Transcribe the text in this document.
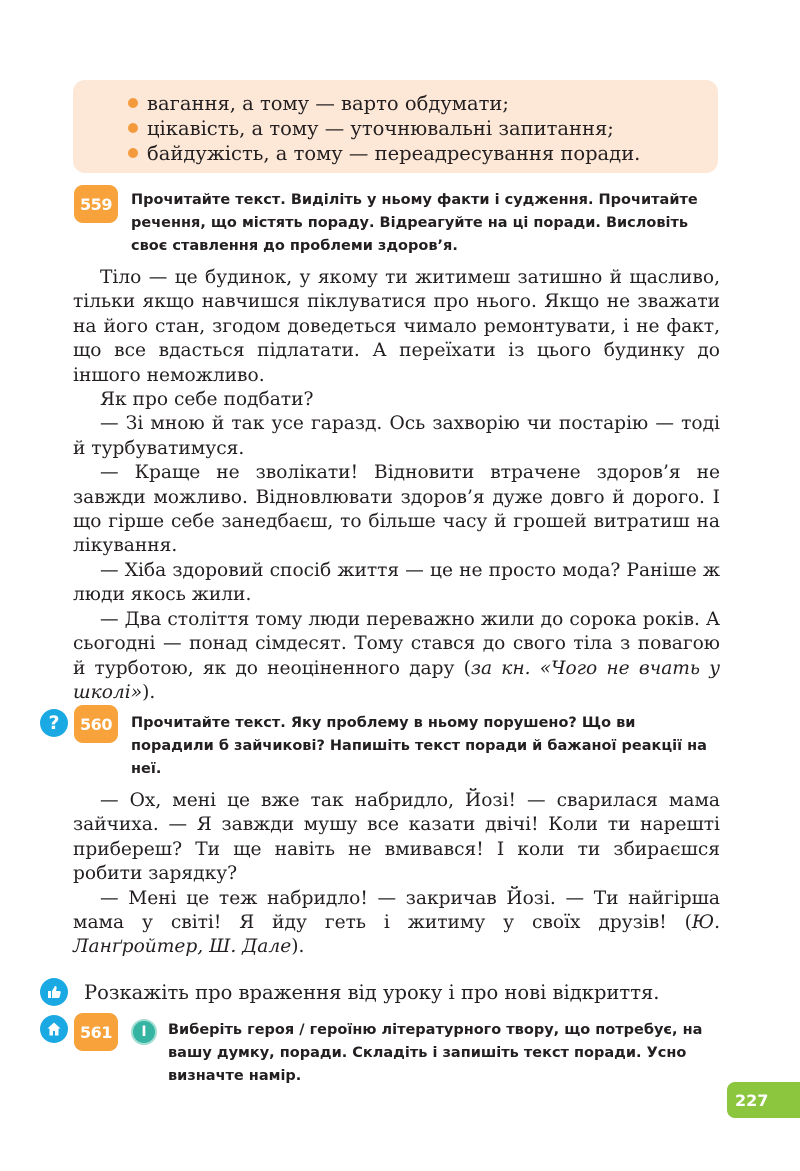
вагання, а тому — варто обдумати;
цікавість, а тому — уточнювальні запитання;
байдужість, а тому — переадресування поради.
559	Прочитайте текст. Виділіть у ньому факти і судження. Прочитайте речення, що містять пораду. Відреагуйте на ці поради. Висловіть своє ставлення до проблеми здоров’я.

Тіло — це будинок, у якому ти житимеш затишно й щасливо, тільки якщо навчишся піклуватися про нього. Якщо не зважати на його стан, згодом доведеться чимало ремонтувати, і не факт, що все вдасться підлатати. А переїхати із цього будинку до іншого неможливо.

Як про себе подбати?

— Зі мною й так усе гаразд. Ось захворію чи постарію — тоді й турбуватимуся.

— Краще не зволікати! Відновити втрачене здоров’я не завжди можливо. Відновлювати здоров’я дуже довго й дорого. І що гірше себе занедбаєш, то більше часу й грошей витратиш на лікування.

— Хіба здоровий спосіб життя — це не просто мода? Раніше ж люди якось жили.

— Два століття тому люди переважно жили до сорока років. А сьогодні — понад сімдесят. Тому стався до свого тіла з повагою й турботою, як до неоціненного дару (за кн. «Чого не вчать у школі»).

?	560	Прочитайте текст. Яку проблему в ньому порушено? Що ви порадили б зайчикові? Напишіть текст поради й бажаної реакції на неї.

— Ох, мені це вже так набридло, Йозі! — сварилася мама зайчиха. — Я завжди мушу все казати двічі! Коли ти нарешті прибереш? Ти ще навіть не вмивався! І коли ти збираєшся робити зарядку?

— Мені це теж набридло! — закричав Йозі. — Ти найгірша мама у світі! Я йду геть і житиму у своїх друзів! (Ю. Ланґройтер, Ш. Дале).

Розкажіть про враження від уроку і про нові відкриття.
561	I	Виберіть героя / героїню літературного твору, що потребує, на вашу думку, поради. Складіть і запишіть текст поради. Усно визначте намір.
227
